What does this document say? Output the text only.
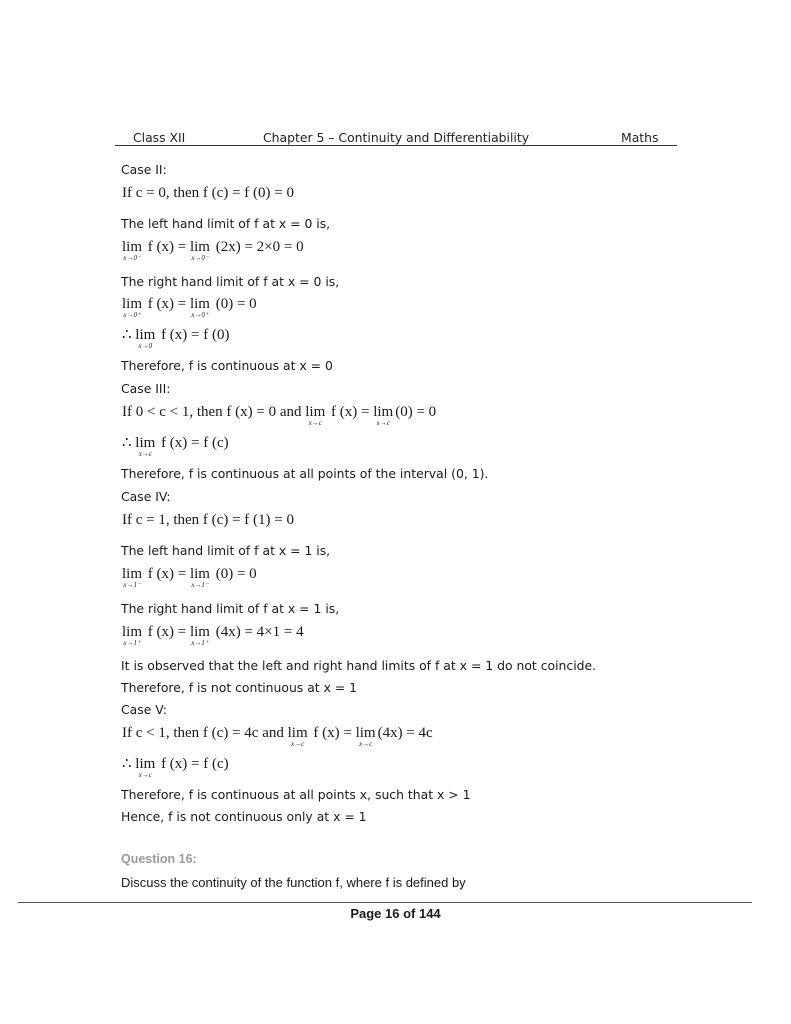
Class XII	Chapter 5 – Continuity and Differentiability	Maths
Case II:
If c = 0, then f (c) = f (0) = 0
The left hand limit of f at x = 0 is,
lim
x→0⁻
f (x) = lim
x→0⁻
(2x) = 2×0 = 0
The right hand limit of f at x = 0 is,
lim
x→0⁺
f (x) = lim
x→0⁺
(0) = 0
∴ lim
x→0
f (x) = f (0)
Therefore, f is continuous at x = 0
Case III:
If 0 < c < 1, then f (x) = 0 and lim
x→c
f (x) = lim
x→c
(0) = 0
∴ lim
x→c
f (x) = f (c)
Therefore, f is continuous at all points of the interval (0, 1).
Case IV:
If c = 1, then f (c) = f (1) = 0
The left hand limit of f at x = 1 is,
lim
x→1⁻
f (x) = lim
x→1⁻
(0) = 0
The right hand limit of f at x = 1 is,
lim
x→1⁺
f (x) = lim
x→1⁺
(4x) = 4×1 = 4
It is observed that the left and right hand limits of f at x = 1 do not coincide.
Therefore, f is not continuous at x = 1
Case V:
If c < 1, then f (c) = 4c and lim
x→c
f (x) = lim
x→c
(4x) = 4c
∴ lim
x→c
f (x) = f (c)
Therefore, f is continuous at all points x, such that x > 1
Hence, f is not continuous only at x = 1
Question 16:
Discuss the continuity of the function f, where f is defined by
Page 16 of 144
